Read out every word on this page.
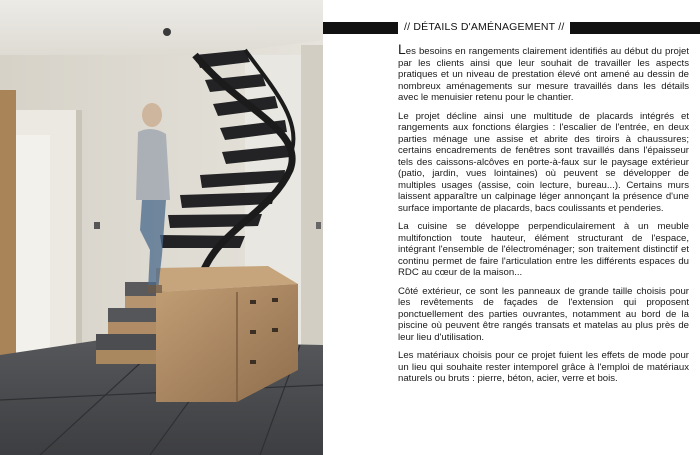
// DÉTAILS D'AMÉNAGEMENT //

Les besoins en rangements clairement identifiés au début du projet par les clients ainsi que leur souhait de travailler les aspects pratiques et un niveau de prestation élevé ont amené au dessin de nombreux aménagements sur mesure travaillés dans les détails avec le menuisier retenu pour le chantier.

Le projet décline ainsi une multitude de placards intégrés et rangements aux fonctions élargies : l'escalier de l'entrée, en deux parties ménage une assise et abrite des tiroirs à chaussures; certains encadrements de fenêtres sont travaillés dans l'épaisseur tels des caissons-alcôves en porte-à-faux sur le paysage extérieur (patio, jardin, vues lointaines) où peuvent se développer de multiples usages (assise, coin lecture, bureau...). Certains murs laissent apparaître un calpinage léger annonçant la présence d'une surface importante de placards, bacs coulissants et penderies.

La cuisine se développe perpendiculairement à un meuble multifonction toute hauteur, élément structurant de l'espace, intégrant l'ensemble de l'électroménager; son traitement distinctif et continu permet de faire l'articulation entre les différents espaces du RDC au cœur de la maison...

Côté extérieur, ce sont les panneaux de grande taille choisis pour les revêtements de façades de l'extension qui proposent ponctuellement des parties ouvrantes, notamment au bord de la piscine où peuvent être rangés transats et matelas au plus près de leur lieu d'utilisation.

Les matériaux choisis pour ce projet fuient les effets de mode pour un lieu qui souhaite rester intemporel grâce à l'emploi de matériaux naturels ou bruts : pierre, béton, acier, verre et bois.
